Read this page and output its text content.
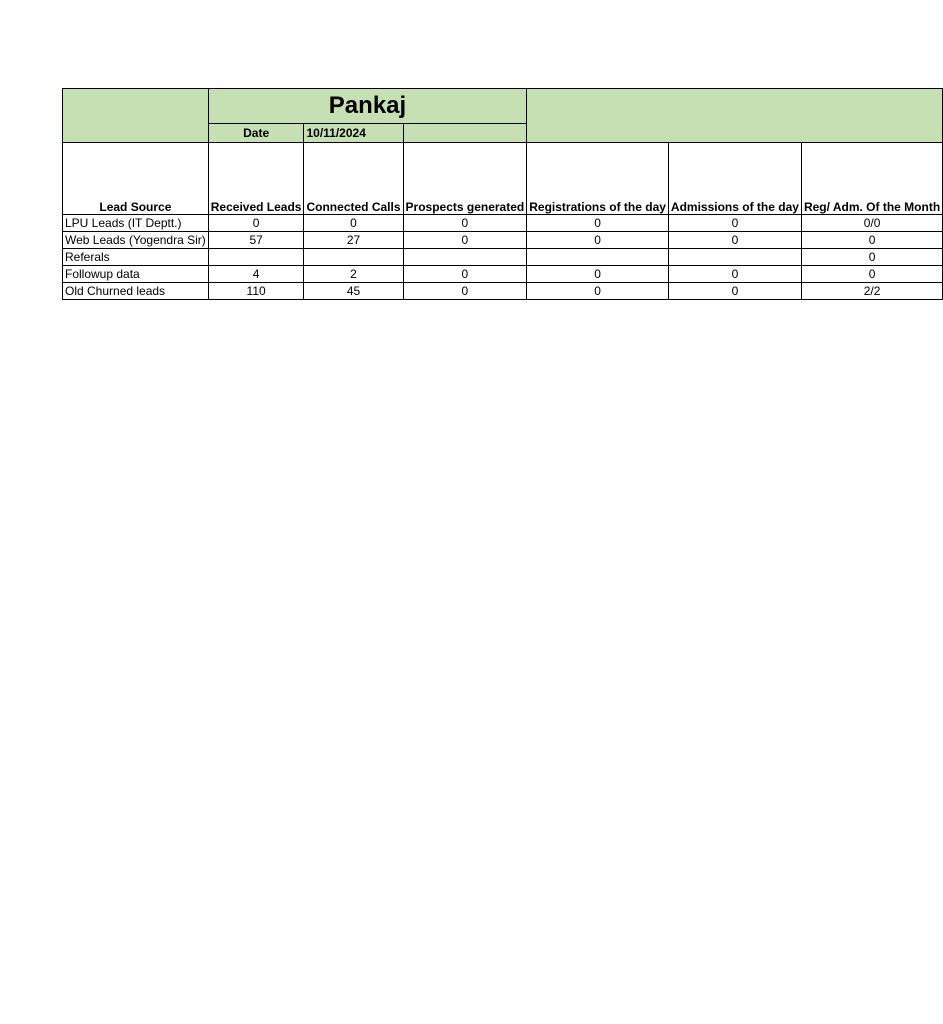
	Pankaj					
	Date	10/11/2024				
Lead Source	Received Leads	Connected Calls	Prospects generated	Registrations of the day	Admissions of the day	Reg/ Adm. Of the Month
LPU Leads (IT Deptt.)	0	0	0	0	0	0/0
Web Leads (Yogendra Sir)	57	27	0	0	0	0
Referals						0
Followup data	4	2	0	0	0	0
Old Churned leads	110	45	0	0	0	2/2
